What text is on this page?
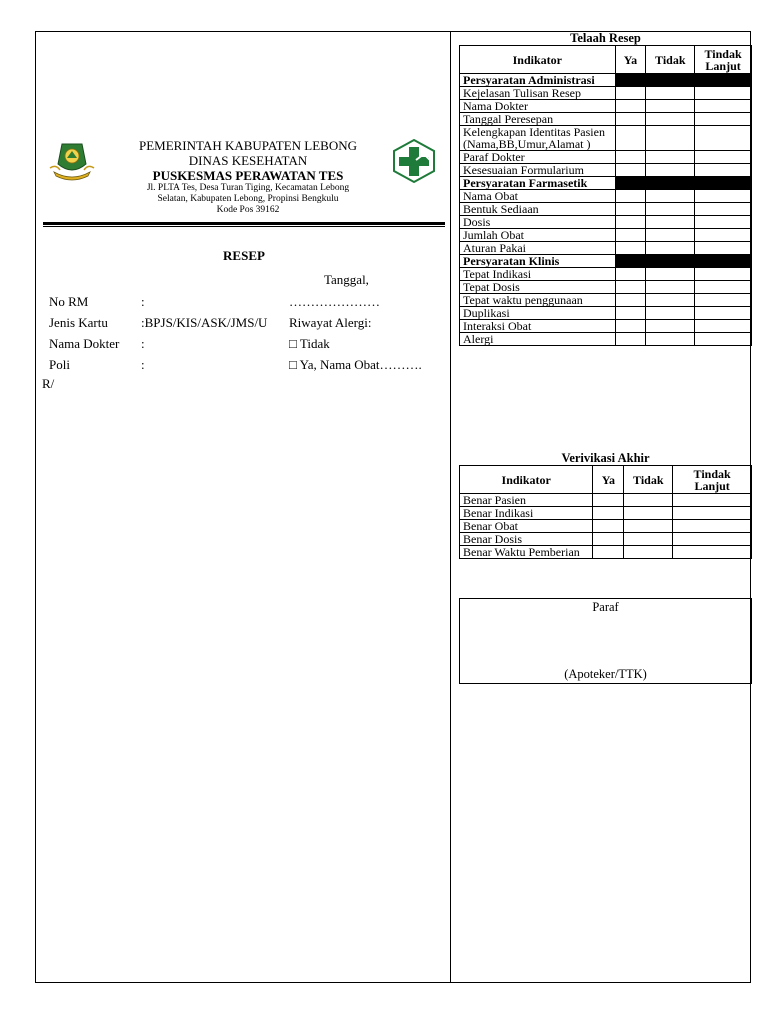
PEMERINTAH KABUPATEN LEBONG
DINAS KESEHATAN
PUSKESMAS PERAWATAN TES
Jl. PLTA Tes, Desa Turan Tiging, Kecamatan Lebong
Selatan, Kabupaten Lebong, Propinsi Bengkulu
Kode Pos 39162
RESEP
Tanggal,
No RM	:	…………………
Jenis Kartu	:BPJS/KIS/ASK/JMS/U Riwayat Alergi:
Nama Dokter :	□ Tidak
Poli	:	□ Ya, Nama Obat……….
R/
Telaah Resep
Indikator	Ya	Tidak	Tindak Lanjut
Persyaratan Administrasi			
Kejelasan Tulisan Resep			
Nama Dokter			
Tanggal Peresepan			
Kelengkapan Identitas Pasien (Nama,BB,Umur,Alamat )			
Paraf Dokter			
Kesesuaian Formularium			
Persyaratan Farmasetik			
Nama Obat			
Bentuk Sediaan			
Dosis			
Jumlah Obat			
Aturan Pakai			
Persyaratan Klinis			
Tepat Indikasi			
Tepat Dosis			
Tepat waktu penggunaan			
Duplikasi			
Interaksi Obat			
Alergi			
Verivikasi Akhir
Indikator	Ya	Tidak	Tindak Lanjut
Benar Pasien			
Benar Indikasi			
Benar Obat			
Benar Dosis			
Benar Waktu Pemberian			
Paraf
(Apoteker/TTK)
